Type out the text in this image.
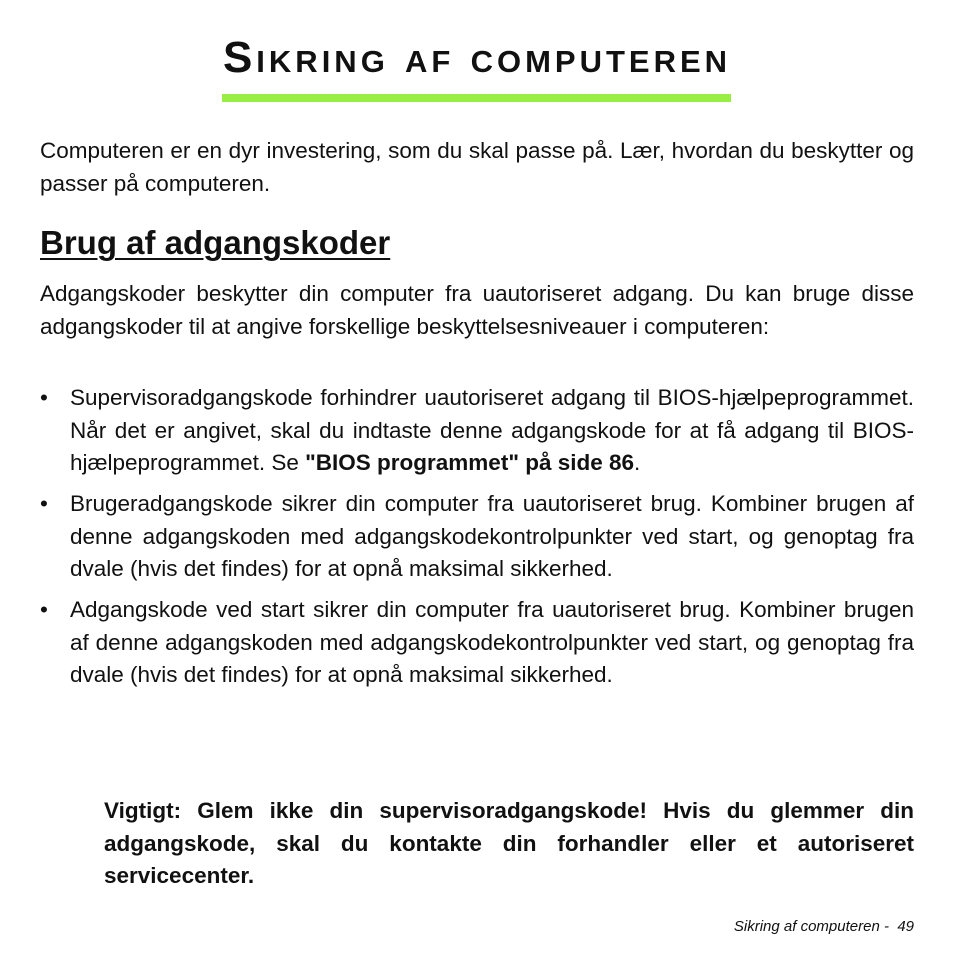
Sikring af computeren

Computeren er en dyr investering, som du skal passe på. Lær, hvordan du beskytter og passer på computeren.

Brug af adgangskoder

Adgangskoder beskytter din computer fra uautoriseret adgang. Du kan bruge disse adgangskoder til at angive forskellige beskyttelsesniveauer i computeren:

• Supervisoradgangskode forhindrer uautoriseret adgang til BIOS-hjælpeprogrammet. Når det er angivet, skal du indtaste denne adgangskode for at få adgang til BIOS-hjælpeprogrammet. Se "BIOS programmet" på side 86.
• Brugeradgangskode sikrer din computer fra uautoriseret brug. Kombiner brugen af denne adgangskoden med adgangskodekontrolpunkter ved start, og genoptag fra dvale (hvis det findes) for at opnå maksimal sikkerhed.
• Adgangskode ved start sikrer din computer fra uautoriseret brug. Kombiner brugen af denne adgangskoden med adgangskodekontrolpunkter ved start, og genoptag fra dvale (hvis det findes) for at opnå maksimal sikkerhed.

Vigtigt: Glem ikke din supervisoradgangskode! Hvis du glemmer din adgangskode, skal du kontakte din forhandler eller et autoriseret servicecenter.

Sikring af computeren - 49
